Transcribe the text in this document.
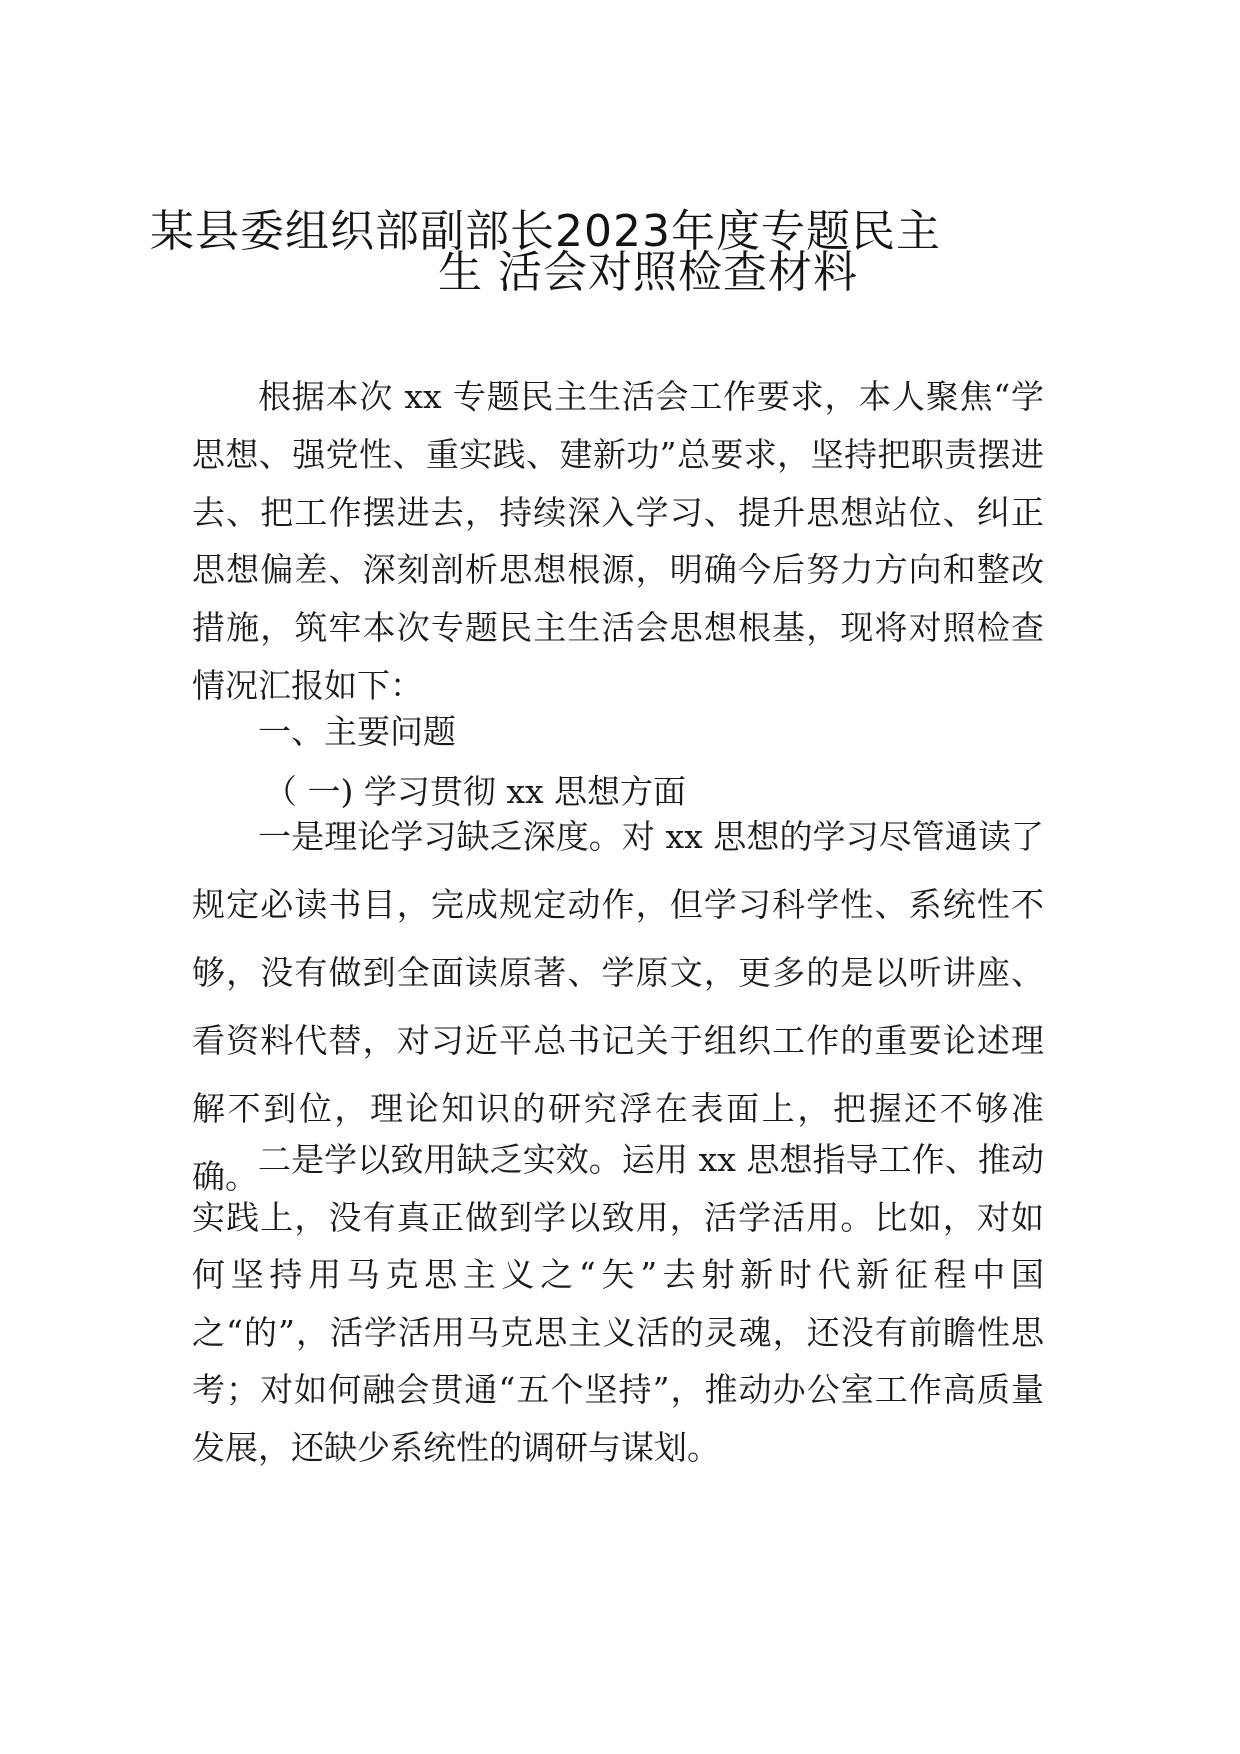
某县委组织部副部长2023年度专题民主
生 活会对照检查材料
根据本次 xx 专题民主生活会工作要求，本人聚焦“学思想、强党性、重实践、建新功”总要求，坚持把职责摆进去、把工作摆进去，持续深入学习、提升思想站位、纠正思想偏差、深刻剖析思想根源，明确今后努力方向和整改措施，筑牢本次专题民主生活会思想根基，现将对照检查情况汇报如下：
一、主要问题
（ 一) 学习贯彻 xx 思想方面
一是理论学习缺乏深度。对 xx 思想的学习尽管通读了规定必读书目，完成规定动作，但学习科学性、系统性不够，没有做到全面读原著、学原文，更多的是以听讲座、看资料代替，对习近平总书记关于组织工作的重要论述理解不到位，理论知识的研究浮在表面上，把握还不够准确。 二是学以致用缺乏实效。运用 xx 思想指导工作、推动实践上，没有真正做到学以致用，活学活用。比如，对如何坚持用马克思主义之“矢”去射新时代新征程中国之“的”，活学活用马克思主义活的灵魂，还没有前瞻性思考；对如何融会贯通“五个坚持”，推动办公室工作高质量发展，还缺少系统性的调研与谋划。
